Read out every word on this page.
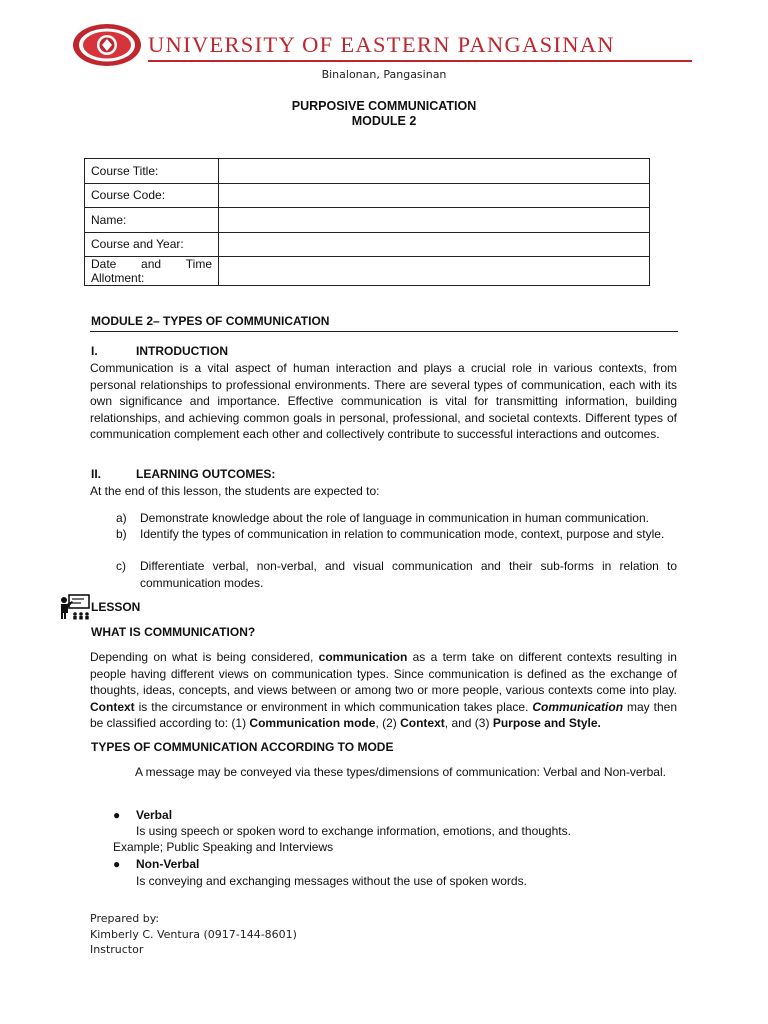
UNIVERSITY OF EASTERN PANGASINAN
Binalonan, Pangasinan
PURPOSIVE COMMUNICATION
MODULE 2
Course Title:	
Course Code:	
Name:	
Course and Year:	

Date and Time
Allotment:	

MODULE 2– TYPES OF COMMUNICATION
I.	INTRODUCTION
Communication is a vital aspect of human interaction and plays a crucial role in various contexts, from personal relationships to professional environments. There are several types of communication, each with its own significance and importance. Effective communication is vital for transmitting information, building relationships, and achieving common goals in personal, professional, and societal contexts. Different types of communication complement each other and collectively contribute to successful interactions and outcomes.
II.	LEARNING OUTCOMES:
At the end of this lesson, the students are expected to:
a) Demonstrate knowledge about the role of language in communication in human communication.
b) Identify the types of communication in relation to communication mode, context, purpose and style.
c) Differentiate verbal, non-verbal, and visual communication and their sub-forms in relation to communication modes.
LESSON
WHAT IS COMMUNICATION?
Depending on what is being considered, communication as a term take on different contexts resulting in people having different views on communication types. Since communication is defined as the exchange of thoughts, ideas, concepts, and views between or among two or more people, various contexts come into play. Context is the circumstance or environment in which communication takes place. Communication may then be classified according to: (1) Communication mode, (2) Context, and (3) Purpose and Style.
TYPES OF COMMUNICATION ACCORDING TO MODE
A message may be conveyed via these types/dimensions of communication: Verbal and Non-verbal.
● Verbal
Is using speech or spoken word to exchange information, emotions, and thoughts.
Example; Public Speaking and Interviews
● Non-Verbal
Is conveying and exchanging messages without the use of spoken words.
Prepared by:
Kimberly C. Ventura (0917-144-8601)
Instructor
